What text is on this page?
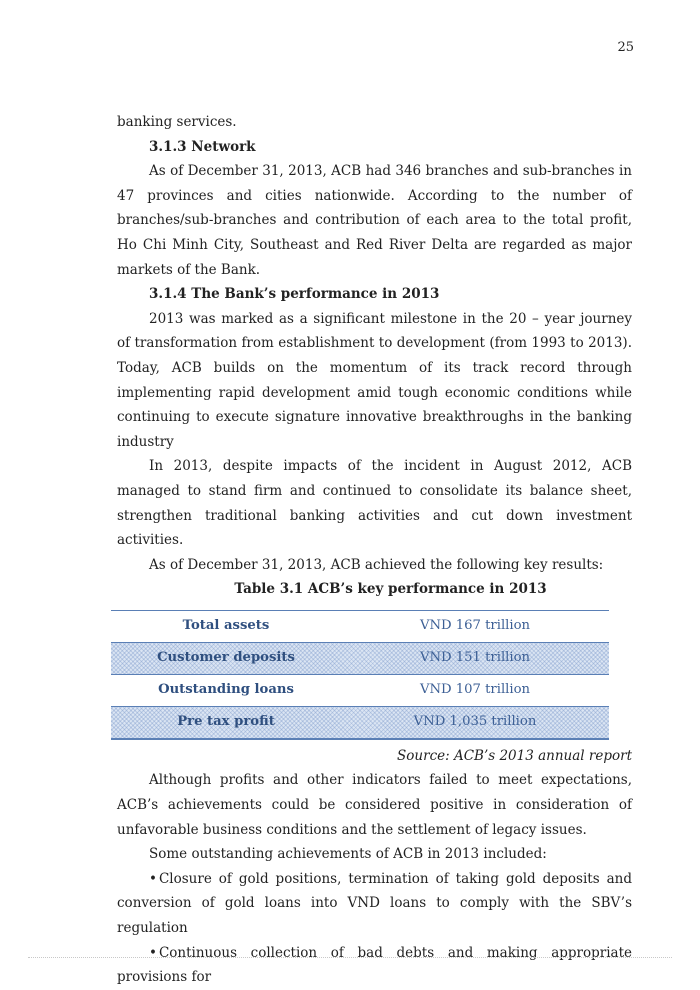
25

banking services.

3.1.3 Network

As of December 31, 2013, ACB had 346 branches and sub-branches in 47 provinces and cities nationwide. According to the number of branches/sub-branches and contribution of each area to the total profit, Ho Chi Minh City, Southeast and Red River Delta are regarded as major markets of the Bank.

3.1.4 The Bank’s performance in 2013

2013 was marked as a significant milestone in the 20 – year journey of transformation from establishment to development (from 1993 to 2013). Today, ACB builds on the momentum of its track record through implementing rapid development amid tough economic conditions while continuing to execute signature innovative breakthroughs in the banking industry

In 2013, despite impacts of the incident in August 2012, ACB managed to stand firm and continued to consolidate its balance sheet, strengthen traditional banking activities and cut down investment activities.

As of December 31, 2013, ACB achieved the following key results:

Table 3.1 ACB’s key performance in 2013

Total assets	VND 167 trillion
Customer deposits	VND 151 trillion
Outstanding loans	VND 107 trillion
Pre tax profit	VND 1,035 trillion

Source: ACB’s 2013 annual report

Although profits and other indicators failed to meet expectations, ACB’s achievements could be considered positive in consideration of unfavorable business conditions and the settlement of legacy issues.

Some outstanding achievements of ACB in 2013 included:

• Closure of gold positions, termination of taking gold deposits and conversion of gold loans into VND loans to comply with the SBV’s regulation

• Continuous collection of bad debts and making appropriate provisions for
